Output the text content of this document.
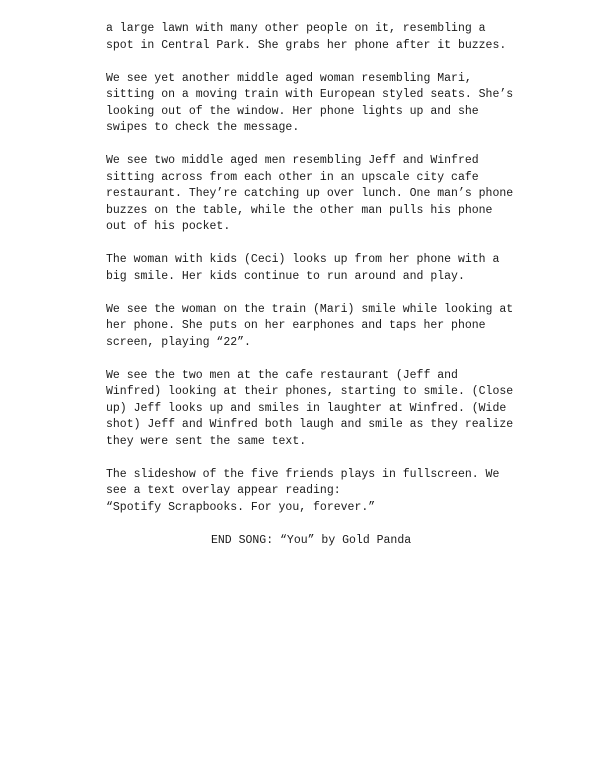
a large lawn with many other people on it, resembling a
spot in Central Park. She grabs her phone after it buzzes.

We see yet another middle aged woman resembling Mari,
sitting on a moving train with European styled seats. She’s
looking out of the window. Her phone lights up and she
swipes to check the message.

We see two middle aged men resembling Jeff and Winfred
sitting across from each other in an upscale city cafe
restaurant. They’re catching up over lunch. One man’s phone
buzzes on the table, while the other man pulls his phone
out of his pocket.

The woman with kids (Ceci) looks up from her phone with a
big smile. Her kids continue to run around and play.

We see the woman on the train (Mari) smile while looking at
her phone. She puts on her earphones and taps her phone
screen, playing “22”.

We see the two men at the cafe restaurant (Jeff and
Winfred) looking at their phones, starting to smile. (Close
up) Jeff looks up and smiles in laughter at Winfred. (Wide
shot) Jeff and Winfred both laugh and smile as they realize
they were sent the same text.

The slideshow of the five friends plays in fullscreen. We
see a text overlay appear reading:
“Spotify Scrapbooks. For you, forever.”

END SONG: “You” by Gold Panda
